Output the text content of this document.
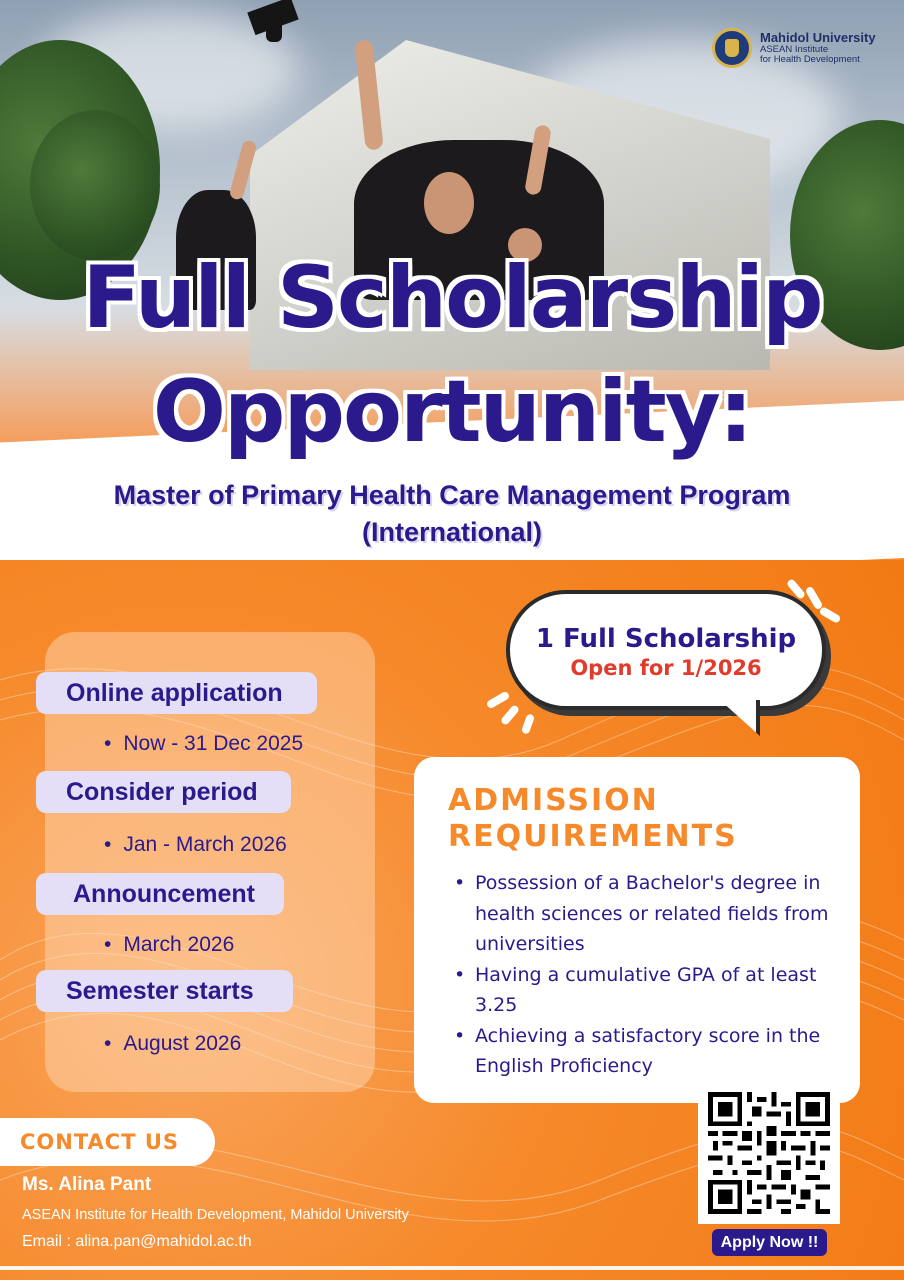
Mahidol University
ASEAN Institute
for Health Development
Full Scholarship
Opportunity:
Master of Primary Health Care Management Program
(International)
Online application
• Now - 31 Dec 2025
Consider period
• Jan - March 2026
Announcement
• March 2026
Semester starts
• August 2026
1 Full Scholarship
Open for 1/2026
ADMISSION
REQUIREMENTS
• Possession of a Bachelor's degree in health sciences or related fields from universities
• Having a cumulative GPA of at least 3.25
• Achieving a satisfactory score in the English Proficiency
Apply Now !!
CONTACT US
Ms. Alina Pant
ASEAN Institute for Health Development, Mahidol University
Email : alina.pan@mahidol.ac.th
